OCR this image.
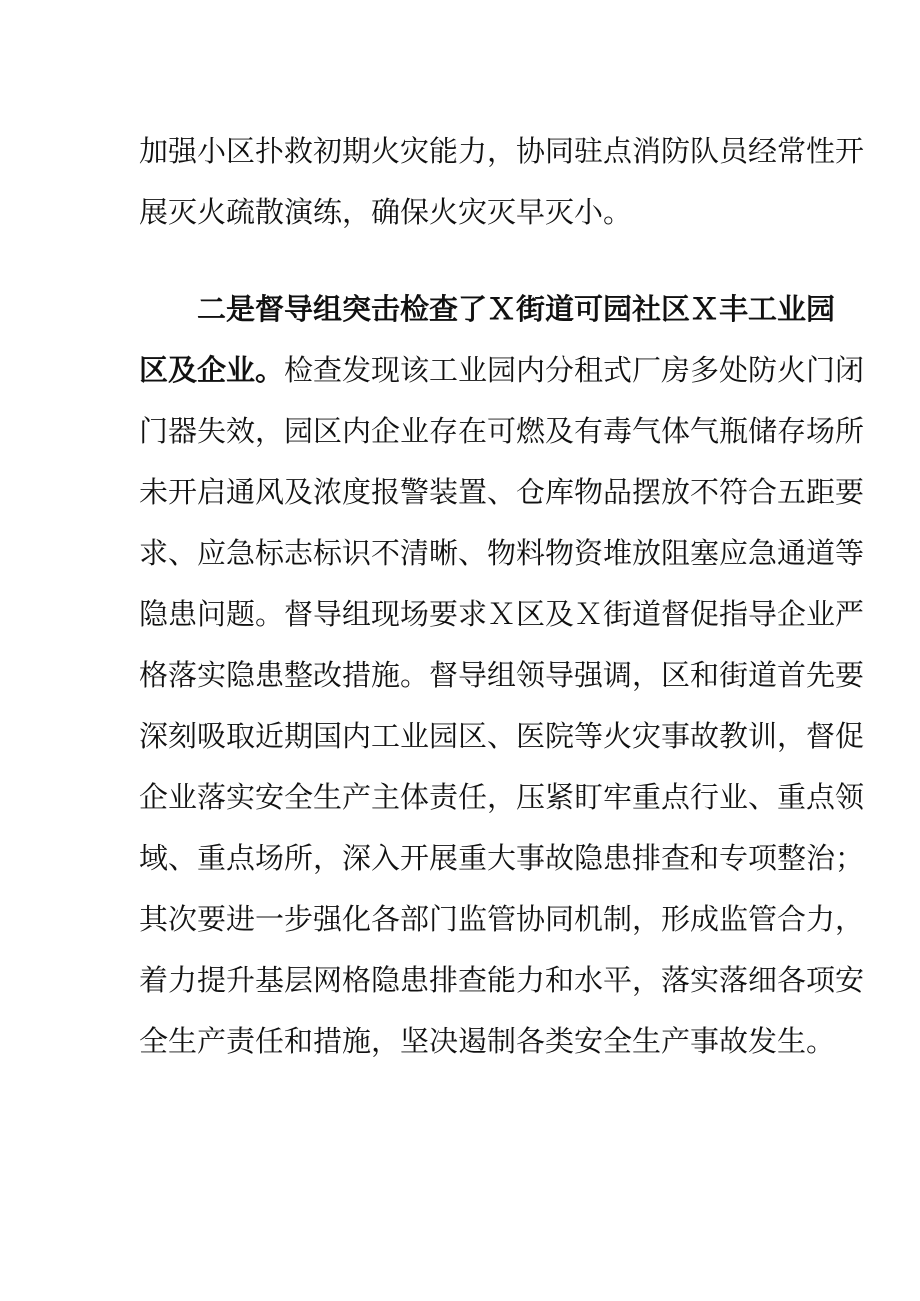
加强小区扑救初期火灾能力，协同驻点消防队员经常性开
展灭火疏散演练，确保火灾灭早灭小。
二是督导组突击检查了Ｘ街道可园社区Ｘ丰工业园
区及企业。检查发现该工业园内分租式厂房多处防火门闭
门器失效，园区内企业存在可燃及有毒气体气瓶储存场所
未开启通风及浓度报警装置、仓库物品摆放不符合五距要
求、应急标志标识不清晰、物料物资堆放阻塞应急通道等
隐患问题。督导组现场要求Ｘ区及Ｘ街道督促指导企业严
格落实隐患整改措施。督导组领导强调，区和街道首先要
深刻吸取近期国内工业园区、医院等火灾事故教训，督促
企业落实安全生产主体责任，压紧盯牢重点行业、重点领
域、重点场所，深入开展重大事故隐患排查和专项整治；
其次要进一步强化各部门监管协同机制，形成监管合力，
着力提升基层网格隐患排查能力和水平，落实落细各项安
全生产责任和措施，坚决遏制各类安全生产事故发生。
